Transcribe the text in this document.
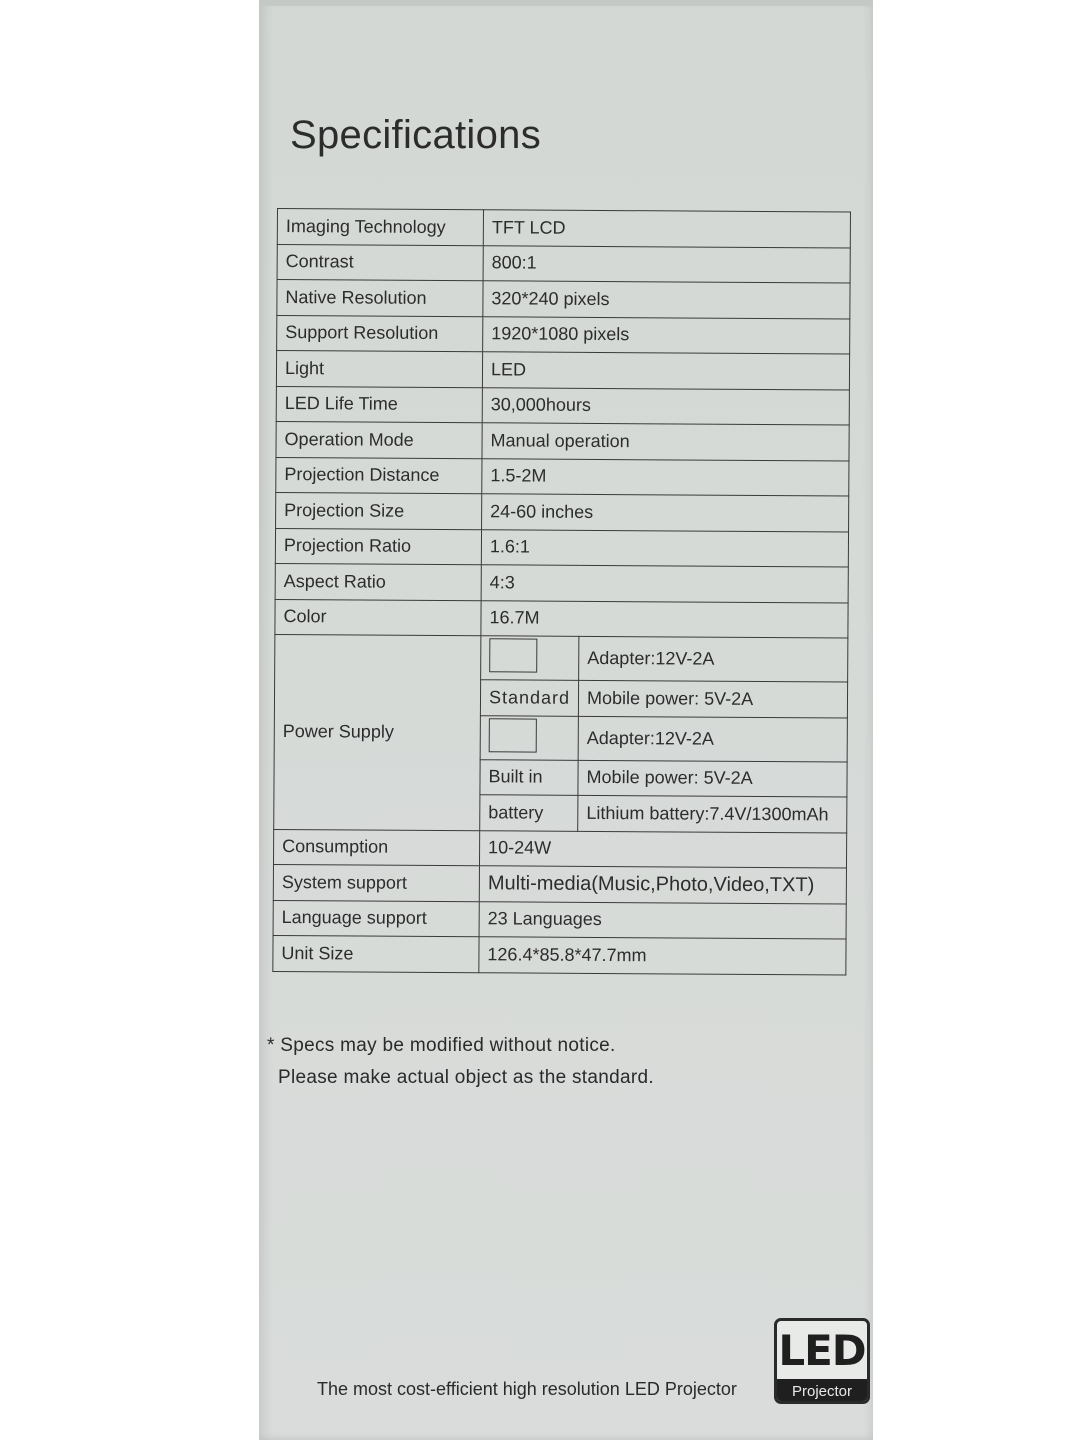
Specifications
Imaging Technology	TFT LCD	
Contrast	800:1	
Native Resolution	320*240 pixels	
Support Resolution	1920*1080 pixels	
Light	LED	
LED Life Time	30,000hours	
Operation Mode	Manual operation	
Projection Distance	1.5-2M	
Projection Size	24-60 inches	
Projection Ratio	1.6:1	
Aspect Ratio	4:3	
Color	16.7M	
Power Supply		Adapter:12V-2A
	Standard	Mobile power: 5V-2A
		Adapter:12V-2A
	Built in	Mobile power: 5V-2A
	battery	Lithium battery:7.4V/1300mAh
Consumption	10-24W	
System support	Multi-media(Music,Photo,Video,TXT)	
Language support	23 Languages	
Unit Size	126.4*85.8*47.7mm	
* Specs may be modified without notice.
Please make actual object as the standard.
The most cost-efficient high resolution LED Projector
LED
Projector
